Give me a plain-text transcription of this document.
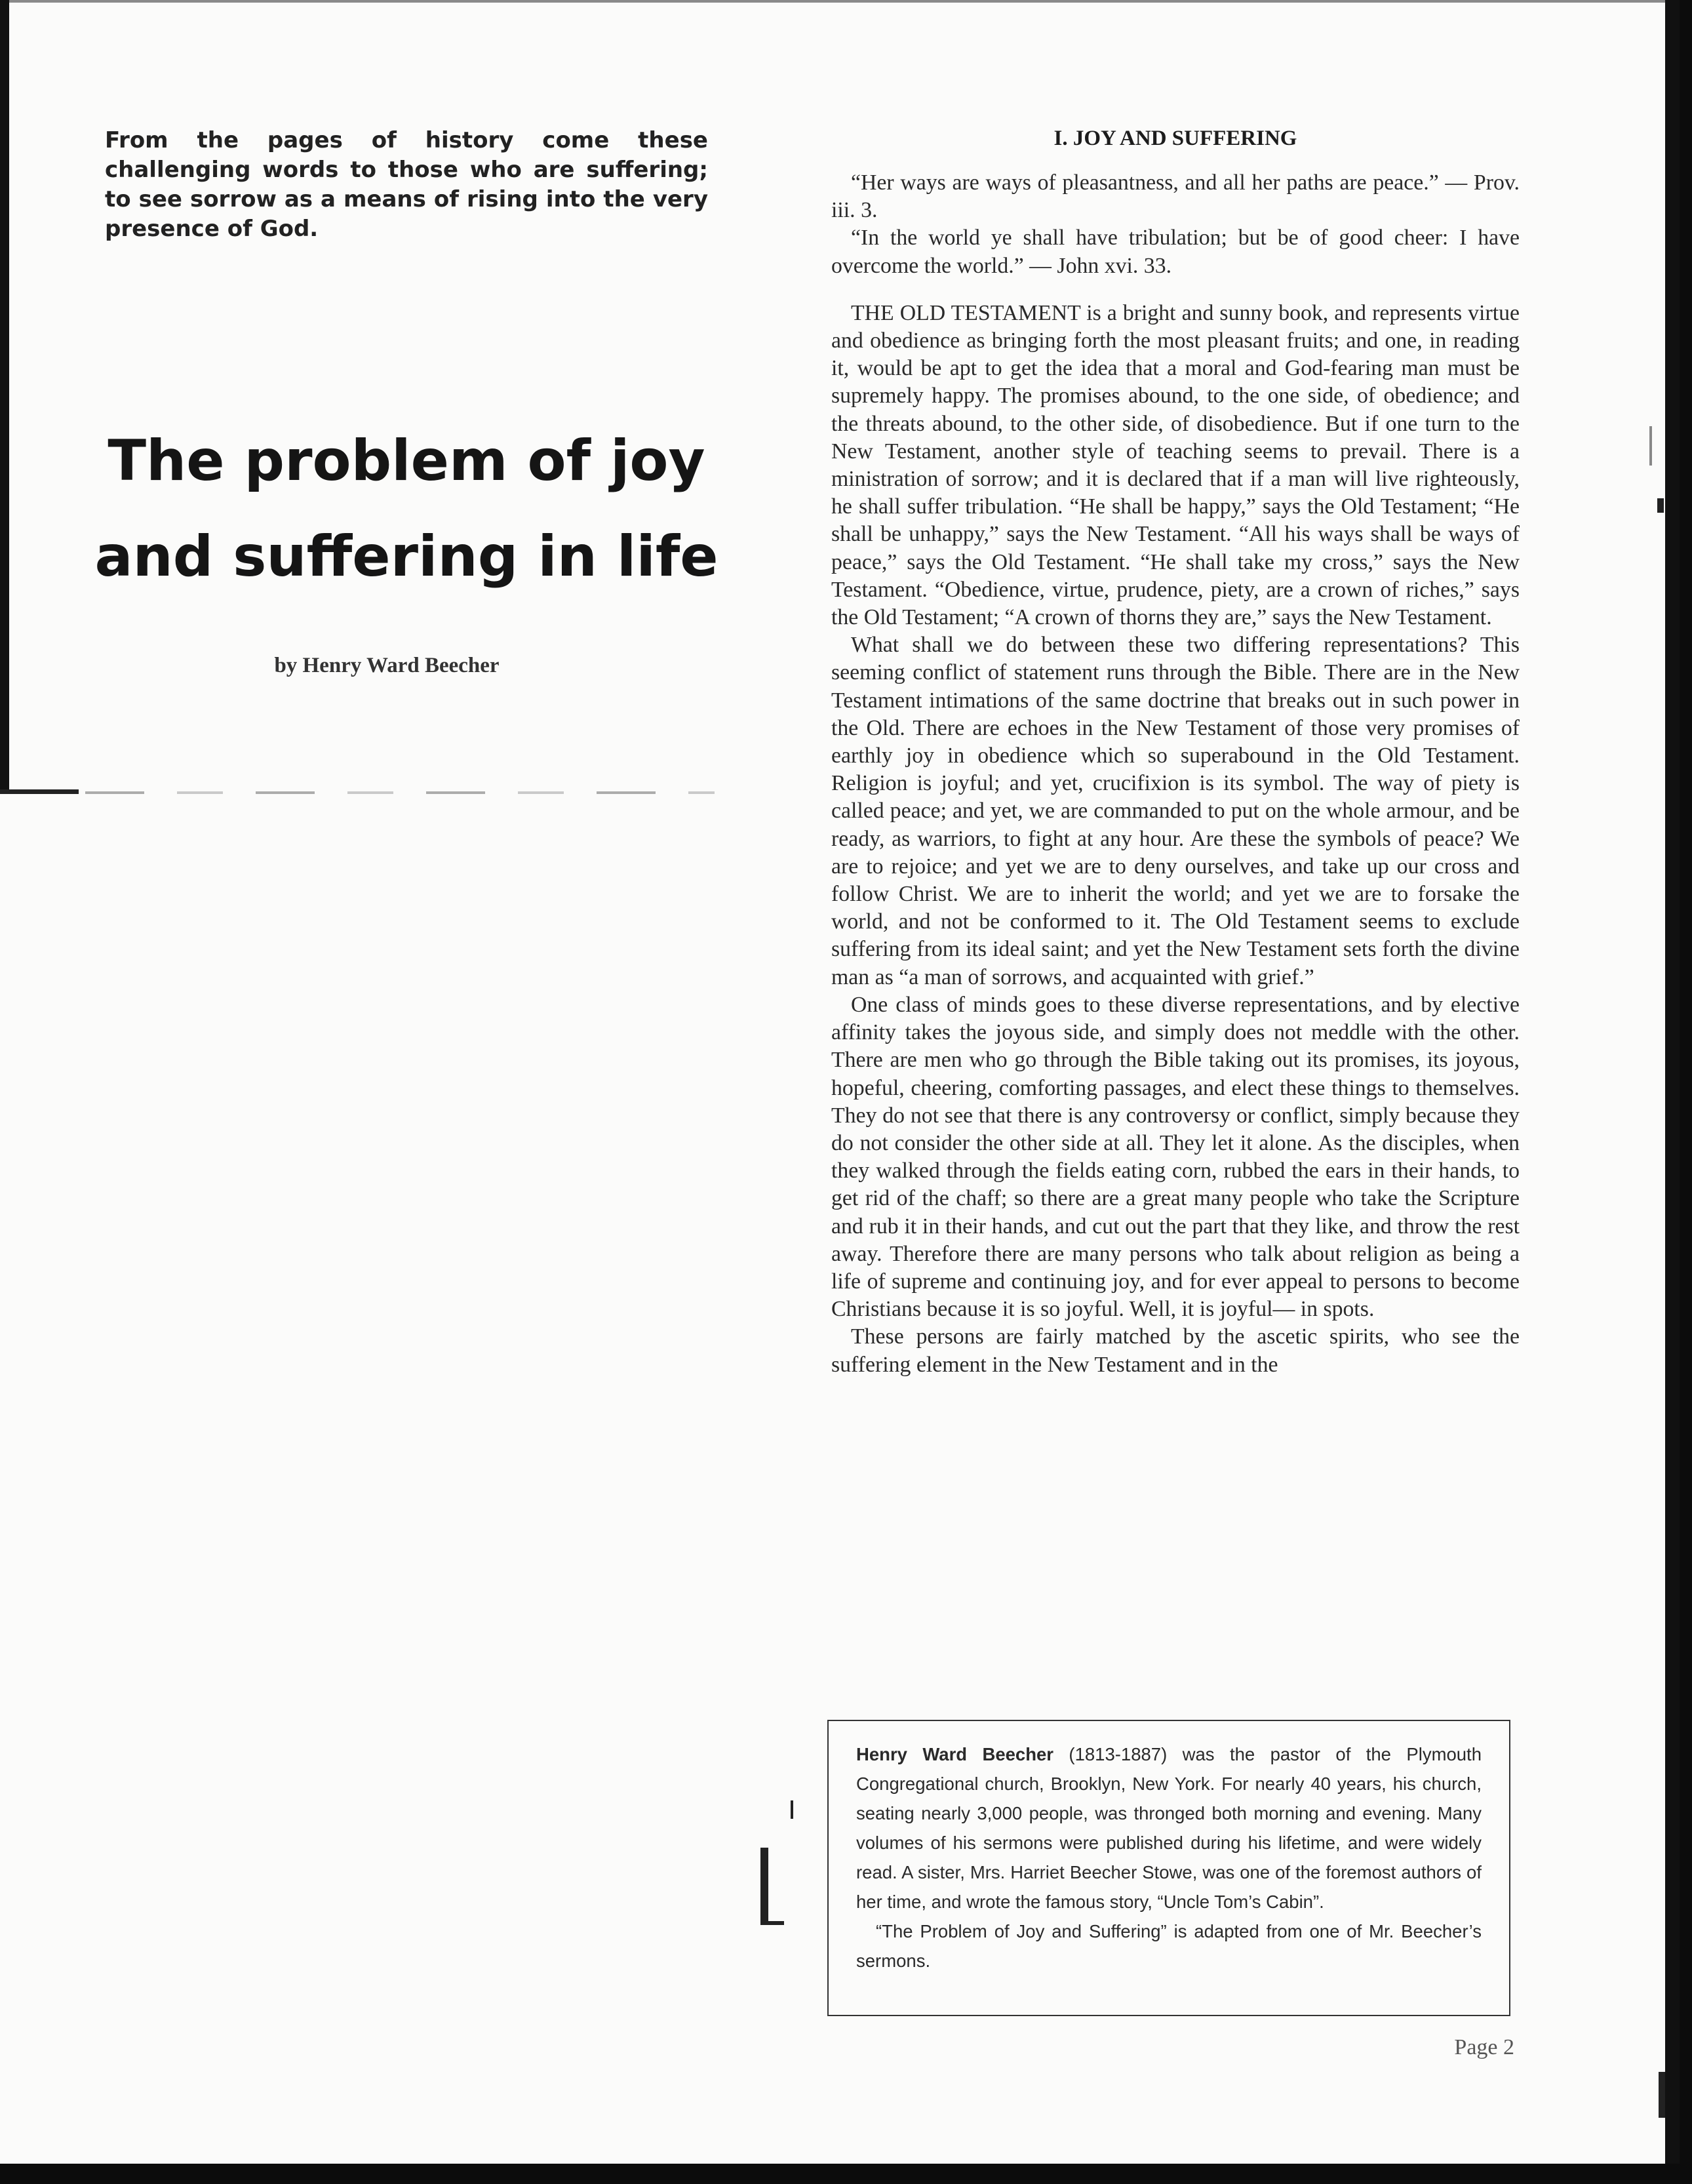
From the pages of history come these challenging words to those who are suffering; to see sorrow as a means of rising into the very presence of God.

The problem of joy
and suffering in life

by Henry Ward Beecher

I. JOY AND SUFFERING

“Her ways are ways of pleasantness, and all her paths are peace.” — Prov. iii. 3.

“In the world ye shall have tribulation; but be of good cheer: I have overcome the world.” — John xvi. 33.

THE OLD TESTAMENT is a bright and sunny book, and represents virtue and obedience as bringing forth the most pleasant fruits; and one, in reading it, would be apt to get the idea that a moral and God-fearing man must be supremely happy. The promises abound, to the one side, of obedience; and the threats abound, to the other side, of disobedience. But if one turn to the New Testament, another style of teaching seems to prevail. There is a ministration of sorrow; and it is declared that if a man will live righteously, he shall suffer tribulation. “He shall be happy,” says the Old Testament; “He shall be unhappy,” says the New Testament. “All his ways shall be ways of peace,” says the Old Testament. “He shall take my cross,” says the New Testament. “Obedience, virtue, prudence, piety, are a crown of riches,” says the Old Testament; “A crown of thorns they are,” says the New Testament.

What shall we do between these two differing representations? This seeming conflict of statement runs through the Bible. There are in the New Testament intimations of the same doctrine that breaks out in such power in the Old. There are echoes in the New Testament of those very promises of earthly joy in obedience which so superabound in the Old Testament. Religion is joyful; and yet, crucifixion is its symbol. The way of piety is called peace; and yet, we are commanded to put on the whole armour, and be ready, as warriors, to fight at any hour. Are these the symbols of peace? We are to rejoice; and yet we are to deny ourselves, and take up our cross and follow Christ. We are to inherit the world; and yet we are to forsake the world, and not be conformed to it. The Old Testament seems to exclude suffering from its ideal saint; and yet the New Testament sets forth the divine man as “a man of sorrows, and acquainted with grief.”

One class of minds goes to these diverse representations, and by elective affinity takes the joyous side, and simply does not meddle with the other. There are men who go through the Bible taking out its promises, its joyous, hopeful, cheering, comforting passages, and elect these things to themselves. They do not see that there is any controversy or conflict, simply because they do not consider the other side at all. They let it alone. As the disciples, when they walked through the fields eating corn, rubbed the ears in their hands, to get rid of the chaff; so there are a great many people who take the Scripture and rub it in their hands, and cut out the part that they like, and throw the rest away. Therefore there are many persons who talk about religion as being a life of supreme and continuing joy, and for ever appeal to persons to become Christians because it is so joyful. Well, it is joyful— in spots.

These persons are fairly matched by the ascetic spirits, who see the suffering element in the New Testament and in the

Henry Ward Beecher (1813-1887) was the pastor of the Plymouth Congregational church, Brooklyn, New York. For nearly 40 years, his church, seating nearly 3,000 people, was thronged both morning and evening. Many volumes of his sermons were published during his lifetime, and were widely read. A sister, Mrs. Harriet Beecher Stowe, was one of the foremost authors of her time, and wrote the famous story, “Uncle Tom’s Cabin”.

“The Problem of Joy and Suffering” is adapted from one of Mr. Beecher’s sermons.

Page 2
